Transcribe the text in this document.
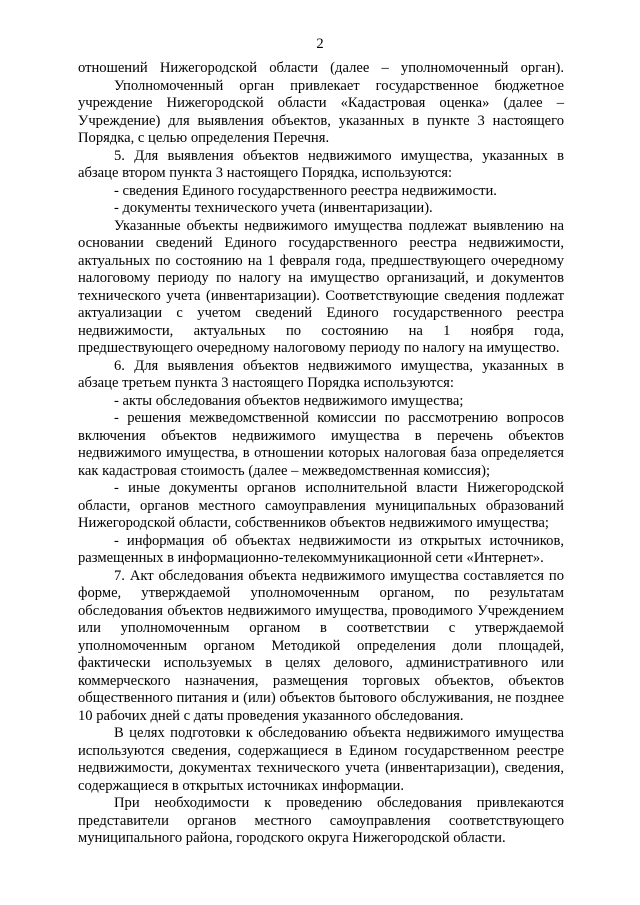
2

отношений Нижегородской области (далее – уполномоченный орган).

Уполномоченный орган привлекает государственное бюджетное учреждение Нижегородской области «Кадастровая оценка» (далее – Учреждение) для выявления объектов, указанных в пункте 3 настоящего Порядка, с целью определения Перечня.

5. Для выявления объектов недвижимого имущества, указанных в абзаце втором пункта 3 настоящего Порядка, используются:

- сведения Единого государственного реестра недвижимости.

- документы технического учета (инвентаризации).

Указанные объекты недвижимого имущества подлежат выявлению на основании сведений Единого государственного реестра недвижимости, актуальных по состоянию на 1 февраля года, предшествующего очередному налоговому периоду по налогу на имущество организаций, и документов технического учета (инвентаризации). Соответствующие сведения подлежат актуализации с учетом сведений Единого государственного реестра недвижимости, актуальных по состоянию на 1 ноября года, предшествующего очередному налоговому периоду по налогу на имущество.

6. Для выявления объектов недвижимого имущества, указанных в абзаце третьем пункта 3 настоящего Порядка используются:

- акты обследования объектов недвижимого имущества;

- решения межведомственной комиссии по рассмотрению вопросов включения объектов недвижимого имущества в перечень объектов недвижимого имущества, в отношении которых налоговая база определяется как кадастровая стоимость (далее – межведомственная комиссия);

- иные документы органов исполнительной власти Нижегородской области, органов местного самоуправления муниципальных образований Нижегородской области, собственников объектов недвижимого имущества;

- информация об объектах недвижимости из открытых источников, размещенных в информационно-телекоммуникационной сети «Интернет».

7. Акт обследования объекта недвижимого имущества составляется по форме, утверждаемой уполномоченным органом, по результатам обследования объектов недвижимого имущества, проводимого Учреждением или уполномоченным органом в соответствии с утверждаемой уполномоченным органом Методикой определения доли площадей, фактически используемых в целях делового, административного или коммерческого назначения, размещения торговых объектов, объектов общественного питания и (или) объектов бытового обслуживания, не позднее 10 рабочих дней с даты проведения указанного обследования.

В целях подготовки к обследованию объекта недвижимого имущества используются сведения, содержащиеся в Едином государственном реестре недвижимости, документах технического учета (инвентаризации), сведения, содержащиеся в открытых источниках информации.

При необходимости к проведению обследования привлекаются представители органов местного самоуправления соответствующего муниципального района, городского округа Нижегородской области.
